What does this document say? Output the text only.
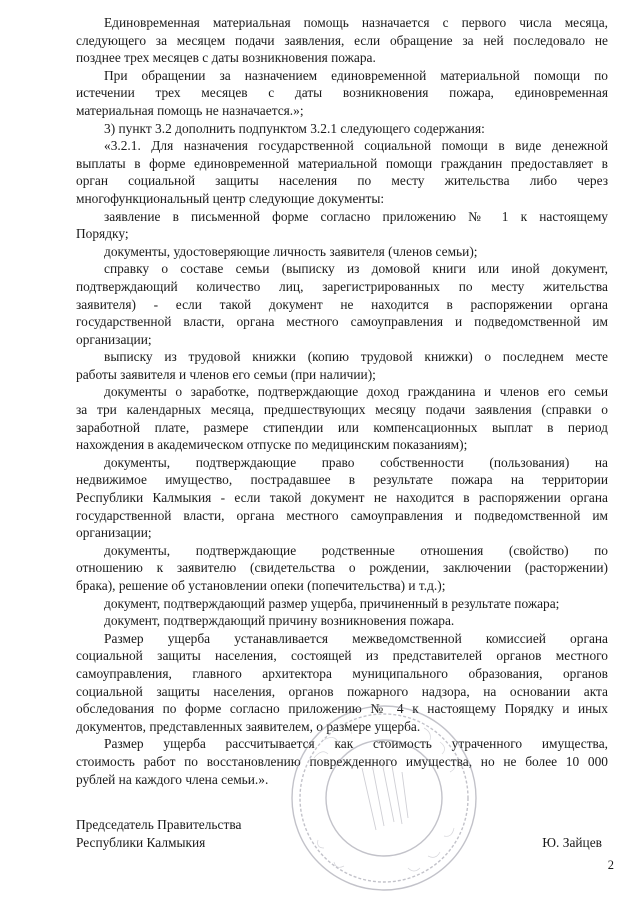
Единовременная материальная помощь назначается с первого числа месяца,

следующего за месяцем подачи заявления, если обращение за ней последовало не

позднее трех месяцев с даты возникновения пожара.

При обращении за назначением единовременной материальной помощи по

истечении трех месяцев с даты возникновения пожара, единовременная

материальная помощь не назначается.»;

3) пункт 3.2 дополнить подпунктом 3.2.1 следующего содержания:

«3.2.1. Для назначения государственной социальной помощи в виде денежной

выплаты в форме единовременной материальной помощи гражданин предоставляет в

орган социальной защиты населения по месту жительства либо через

многофункциональный центр следующие документы:

заявление в письменной форме согласно приложению № 1 к настоящему

Порядку;

документы, удостоверяющие личность заявителя (членов семьи);

справку о составе семьи (выписку из домовой книги или иной документ,

подтверждающий количество лиц, зарегистрированных по месту жительства

заявителя) - если такой документ не находится в распоряжении органа

государственной власти, органа местного самоуправления и подведомственной им

организации;

выписку из трудовой книжки (копию трудовой книжки) о последнем месте

работы заявителя и членов его семьи (при наличии);

документы о заработке, подтверждающие доход гражданина и членов его семьи

за три календарных месяца, предшествующих месяцу подачи заявления (справки о

заработной плате, размере стипендии или компенсационных выплат в период

нахождения в академическом отпуске по медицинским показаниям);

документы, подтверждающие право собственности (пользования) на

недвижимое имущество, пострадавшее в результате пожара на территории

Республики Калмыкия - если такой документ не находится в распоряжении органа

государственной власти, органа местного самоуправления и подведомственной им

организации;

документы, подтверждающие родственные отношения (свойство) по

отношению к заявителю (свидетельства о рождении, заключении (расторжении)

брака), решение об установлении опеки (попечительства) и т.д.);

документ, подтверждающий размер ущерба, причиненный в результате пожара;

документ, подтверждающий причину возникновения пожара.

Размер ущерба устанавливается межведомственной комиссией органа

социальной защиты населения, состоящей из представителей органов местного

самоуправления, главного архитектора муниципального образования, органов

социальной защиты населения, органов пожарного надзора, на основании акта

обследования по форме согласно приложению № 4 к настоящему Порядку и иных

документов, представленных заявителем, о размере ущерба.

Размер ущерба рассчитывается как стоимость утраченного имущества,

стоимость работ по восстановлению поврежденного имущества, но не более 10 000

рублей на каждого члена семьи.».

Председатель Правительства
Республики Калмыкия	Ю. Зайцев
2
